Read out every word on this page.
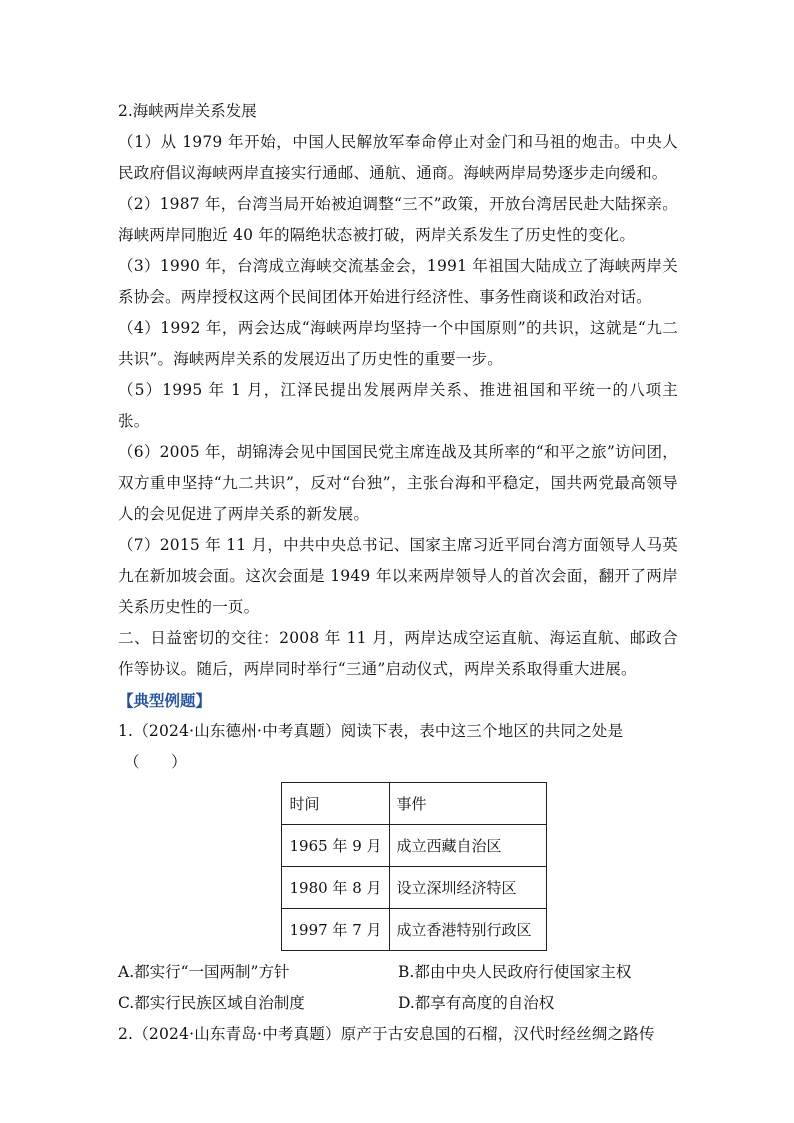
2.海峡两岸关系发展

（1）从 1979 年开始，中国人民解放军奉命停止对金门和马祖的炮击。中央人民政府倡议海峡两岸直接实行通邮、通航、通商。海峡两岸局势逐步走向缓和。

（2）1987 年，台湾当局开始被迫调整“三不”政策，开放台湾居民赴大陆探亲。海峡两岸同胞近 40 年的隔绝状态被打破，两岸关系发生了历史性的变化。

（3）1990 年，台湾成立海峡交流基金会，1991 年祖国大陆成立了海峡两岸关系协会。两岸授权这两个民间团体开始进行经济性、事务性商谈和政治对话。

（4）1992 年，两会达成“海峡两岸均坚持一个中国原则”的共识，这就是“九二共识”。海峡两岸关系的发展迈出了历史性的重要一步。

（5）1995 年 1 月，江泽民提出发展两岸关系、推进祖国和平统一的八项主张。

（6）2005 年，胡锦涛会见中国国民党主席连战及其所率的“和平之旅”访问团，双方重申坚持“九二共识”，反对“台独”，主张台海和平稳定，国共两党最高领导人的会见促进了两岸关系的新发展。

（7）2015 年 11 月，中共中央总书记、国家主席习近平同台湾方面领导人马英九在新加坡会面。这次会面是 1949 年以来两岸领导人的首次会面，翻开了两岸关系历史性的一页。

二、日益密切的交往：2008 年 11 月，两岸达成空运直航、海运直航、邮政合作等协议。随后，两岸同时举行“三通”启动仪式，两岸关系取得重大进展。

【典型例题】

1.（2024·山东德州·中考真题）阅读下表，表中这三个地区的共同之处是

（　　）

时间	事件
1965 年 9 月	成立西藏自治区
1980 年 8 月	设立深圳经济特区
1997 年 7 月	成立香港特别行政区
A.都实行“一国两制”方针	B.都由中央人民政府行使国家主权
C.都实行民族区域自治制度	D.都享有高度的自治权

2.（2024·山东青岛·中考真题）原产于古安息国的石榴，汉代时经丝绸之路传
